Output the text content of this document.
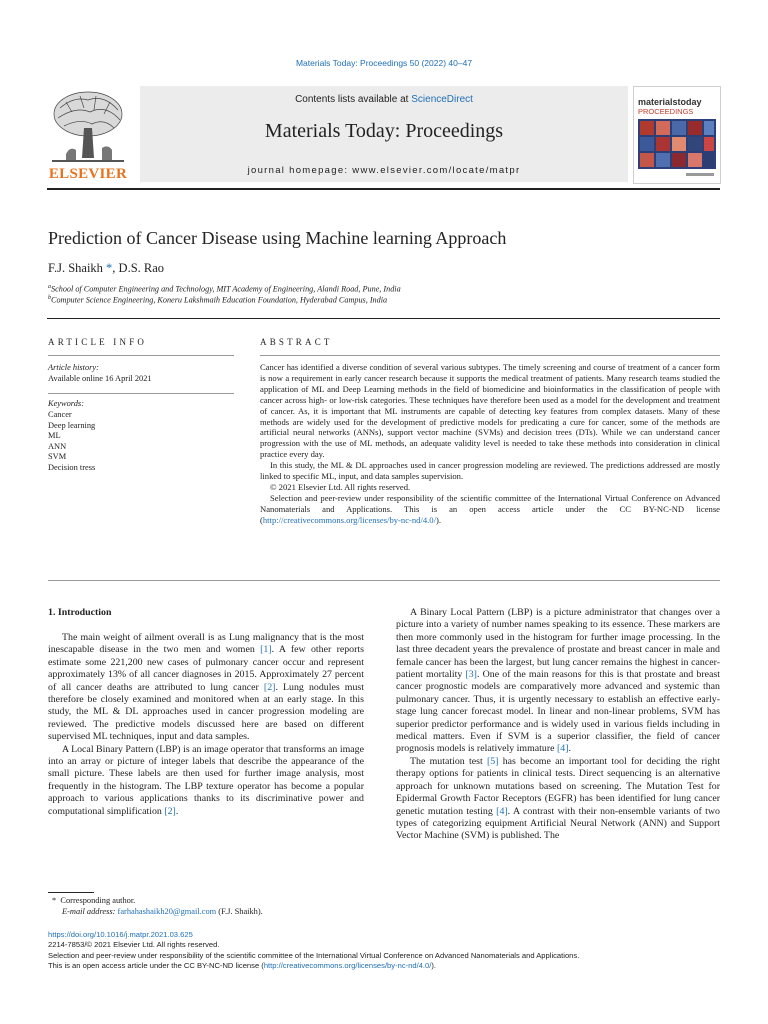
Materials Today: Proceedings 50 (2022) 40–47
Contents lists available at ScienceDirect
Materials Today: Proceedings
journal homepage: www.elsevier.com/locate/matpr
ELSEVIER
materialstoday
PROCEEDINGS
Prediction of Cancer Disease using Machine learning Approach
F.J. Shaikh *, D.S. Rao
$^a$School of Computer Engineering and Technology, MIT Academy of Engineering, Alandi Road, Pune, India
$^b$Computer Science Engineering, Koneru Lakshmaih Education Foundation, Hyderabad Campus, India
ARTICLE INFO
Article history:
Available online 16 April 2021
Keywords:
Cancer
Deep learning
ML
ANN
SVM
Decision tress
ABSTRACT

Cancer has identified a diverse condition of several various subtypes. The timely screening and course of treatment of a cancer form is now a requirement in early cancer research because it supports the medical treatment of patients. Many research teams studied the application of ML and Deep Learning methods in the field of biomedicine and bioinformatics in the classification of people with cancer across high- or low-risk categories. These techniques have therefore been used as a model for the development and treatment of cancer. As, it is important that ML instruments are capable of detecting key features from complex datasets. Many of these methods are widely used for the development of predictive models for predicating a cure for cancer, some of the methods are artificial neural networks (ANNs), support vector machine (SVMs) and decision trees (DTs). While we can understand cancer progression with the use of ML methods, an adequate validity level is needed to take these methods into consideration in clinical practice every day.

In this study, the ML & DL approaches used in cancer progression modeling are reviewed. The predictions addressed are mostly linked to specific ML, input, and data samples supervision.

© 2021 Elsevier Ltd. All rights reserved.

Selection and peer-review under responsibility of the scientific committee of the International Virtual Conference on Advanced Nanomaterials and Applications. This is an open access article under the CC BY-NC-ND license (http://creativecommons.org/licenses/by-nc-nd/4.0/).

1. Introduction

The main weight of ailment overall is as Lung malignancy that is the most inescapable disease in the two men and women [1]. A few other reports estimate some 221,200 new cases of pulmonary cancer occur and represent approximately 13% of all cancer diagnoses in 2015. Approximately 27 percent of all cancer deaths are attributed to lung cancer [2]. Lung nodules must therefore be closely examined and monitored when at an early stage. In this study, the ML & DL approaches used in cancer progression modeling are reviewed. The predictive models discussed here are based on different supervised ML techniques, input and data samples.

A Local Binary Pattern (LBP) is an image operator that transforms an image into an array or picture of integer labels that describe the appearance of the small picture. These labels are then used for further image analysis, most frequently in the histogram. The LBP texture operator has become a popular approach to various applications thanks to its discriminative power and computational simplification [2].

* Corresponding author.
E-mail address: farhahashaikh20@gmail.com (F.J. Shaikh).

A Binary Local Pattern (LBP) is a picture administrator that changes over a picture into a variety of number names speaking to its essence. These markers are then more commonly used in the histogram for further image processing. In the last three decadent years the prevalence of prostate and breast cancer in male and female cancer has been the largest, but lung cancer remains the highest in cancer-patient mortality [3]. One of the main reasons for this is that prostate and breast cancer prognostic models are comparatively more advanced and systemic than pulmonary cancer. Thus, it is urgently necessary to establish an effective early-stage lung cancer forecast model. In linear and non-linear problems, SVM has superior predictor performance and is widely used in various fields including in medical matters. Even if SVM is a superior classifier, the field of cancer prognosis models is relatively immature [4].

The mutation test [5] has become an important tool for deciding the right therapy options for patients in clinical tests. Direct sequencing is an alternative approach for unknown mutations based on screening. The Mutation Test for Epidermal Growth Factor Receptors (EGFR) has been identified for lung cancer genetic mutation testing [4]. A contrast with their non-ensemble variants of two types of categorizing equipment Artificial Neural Network (ANN) and Support Vector Machine (SVM) is published. The

https://doi.org/10.1016/j.matpr.2021.03.625
2214-7853/© 2021 Elsevier Ltd. All rights reserved.
Selection and peer-review under responsibility of the scientific committee of the International Virtual Conference on Advanced Nanomaterials and Applications.
This is an open access article under the CC BY-NC-ND license (http://creativecommons.org/licenses/by-nc-nd/4.0/).
